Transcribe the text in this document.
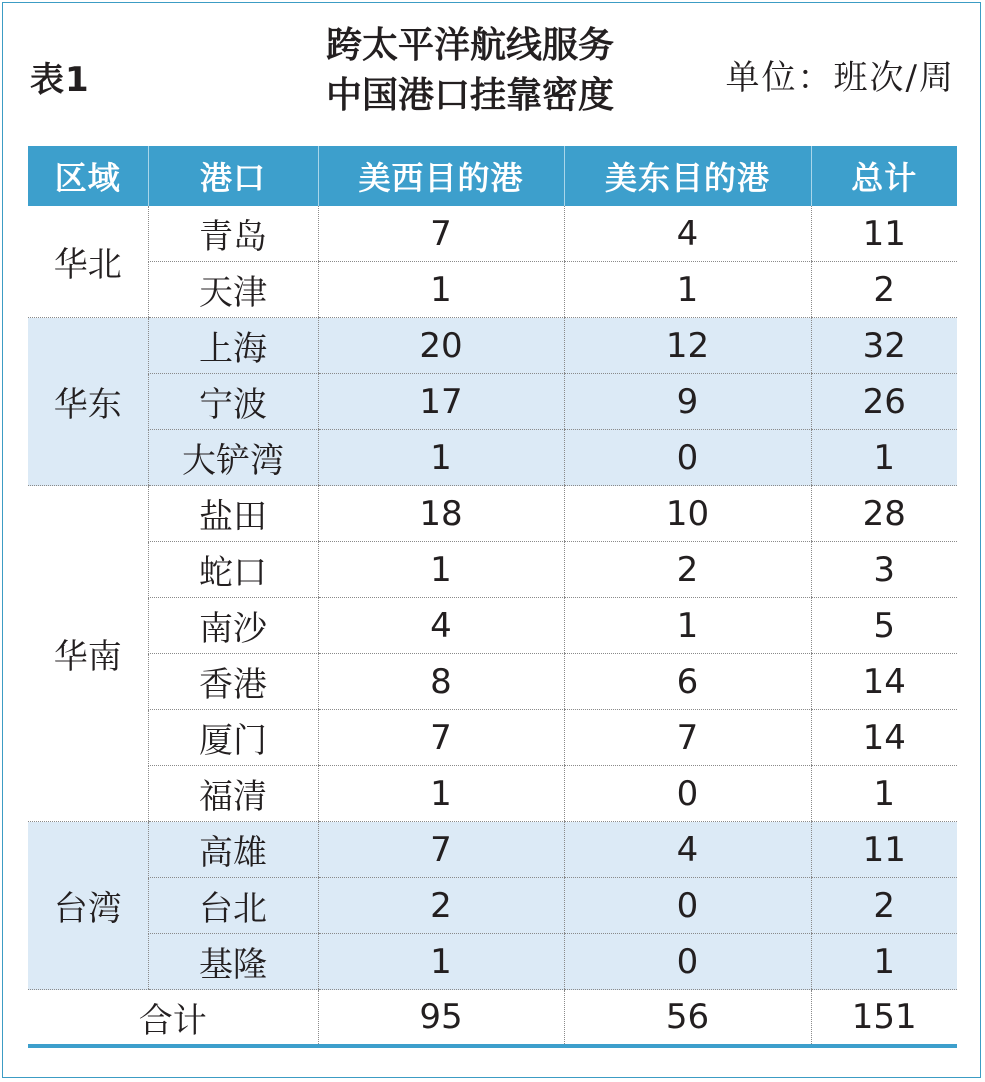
表1
跨太平洋航线服务
中国港口挂靠密度	单位：班次/周
区域	港口	美西目的港	美东目的港	总计
华北	青岛	7	4	11
	天津	1	1	2
华东	上海	20	12	32
	宁波	17	9	26
	大铲湾	1	0	1
华南	盐田	18	10	28
	蛇口	1	2	3
	南沙	4	1	5
	香港	8	6	14
	厦门	7	7	14
	福清	1	0	1
台湾	高雄	7	4	11
	台北	2	0	2
	基隆	1	0	1
合计		95	56	151
